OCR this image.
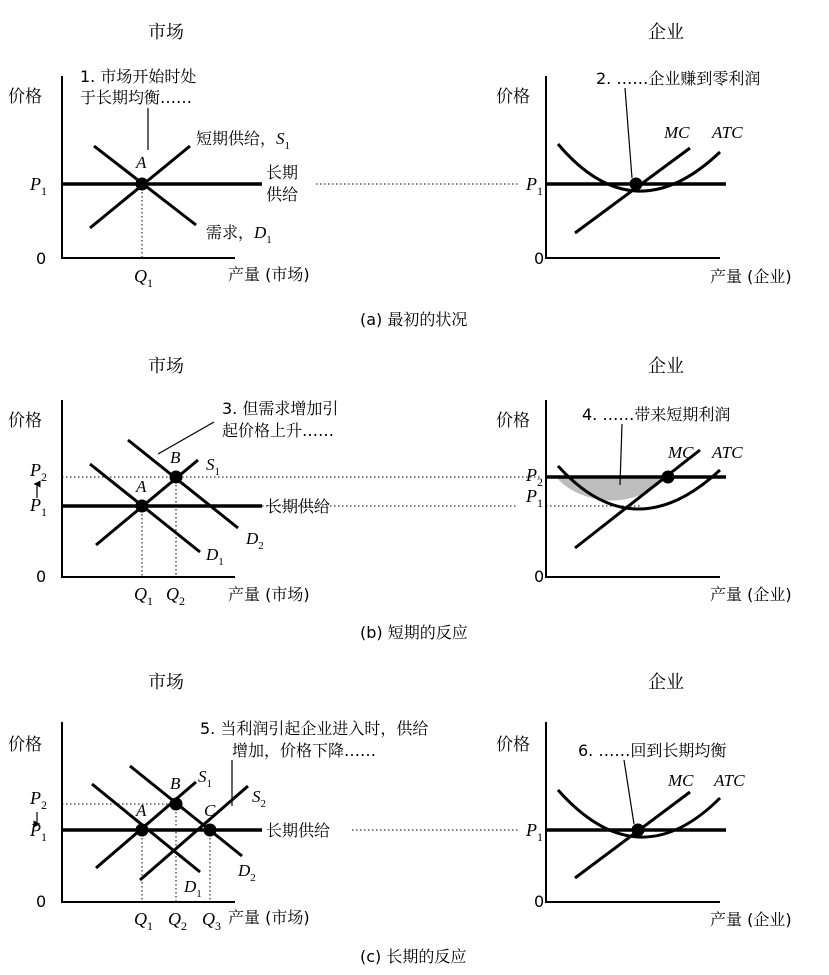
市场	企业
价格
0
产量 (市场)
A
$P_1$
$Q_1$
1. 市场开始时处
于长期均衡……
短期供给，$S_1$
长期
供给
需求，$D_1$
价格
0
产量 (企业)
$P_1$
2. ……企业赚到零利润
MC ATC
(a) 最初的状况
市场	企业
价格
0
产量 (市场)
A
B
$P_2$
$P_1$
$Q_1$ $Q_2$
$S_1$
$D_1$
$D_2$
长期供给
3. 但需求增加引
起价格上升……	价格
0
产量 (企业)
$P_2$
$P_1$
4. ……带来短期利润
MC ATC
(b) 短期的反应
市场	企业
价格
0
产量 (市场)
A
B
C
$P_2$
$P_1$
$Q_1$ $Q_2$ $Q_3$
$S_1$
$S_2$
$D_1$
$D_2$
长期供给
5. 当利润引起企业进入时，供给
增加，价格下降……	价格
0
产量 (企业)
$P_1$
6. ……回到长期均衡
MC ATC
(c) 长期的反应
